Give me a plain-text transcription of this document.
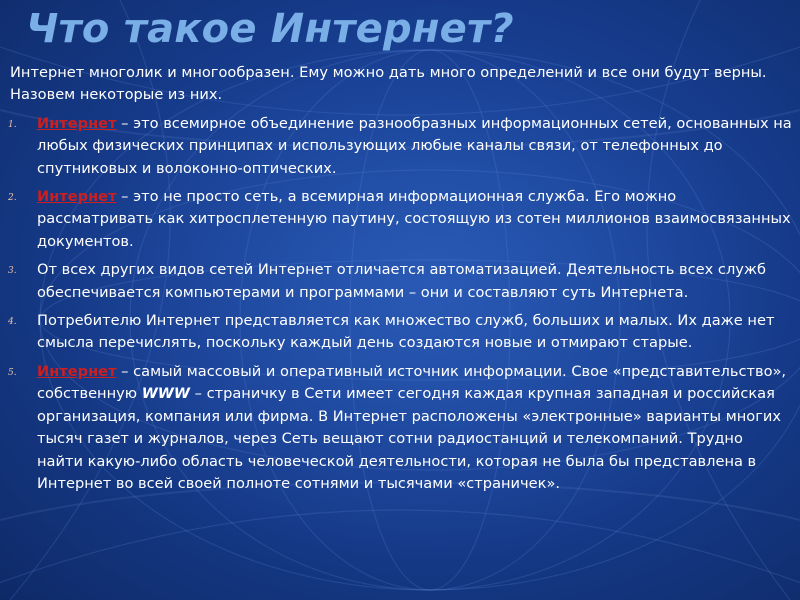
Что такое Интернет?

Интернет многолик и многообразен. Ему можно дать много определений и все они будут верны. Назовем некоторые из них.

1. Интернет – это всемирное объединение разнообразных информационных сетей, основанных на любых физических принципах и использующих любые каналы связи, от телефонных до спутниковых и волоконно-оптических.
2. Интернет – это не просто сеть, а всемирная информационная служба. Его можно рассматривать как хитросплетенную паутину, состоящую из сотен миллионов взаимосвязанных документов.
3. От всех других видов сетей Интернет отличается автоматизацией. Деятельность всех служб обеспечивается компьютерами и программами – они и составляют суть Интернета.
4. Потребителю Интернет представляется как множество служб, больших и малых. Их даже нет смысла перечислять, поскольку каждый день создаются новые и отмирают старые.
5. Интернет – самый массовый и оперативный источник информации. Свое «представительство», собственную WWW – страничку в Сети имеет сегодня каждая крупная западная и российская организация, компания или фирма. В Интернет расположены «электронные» варианты многих тысяч газет и журналов, через Сеть вещают сотни радиостанций и телекомпаний. Трудно найти какую-либо область человеческой деятельности, которая не была бы представлена в Интернет во всей своей полноте сотнями и тысячами «страничек».
